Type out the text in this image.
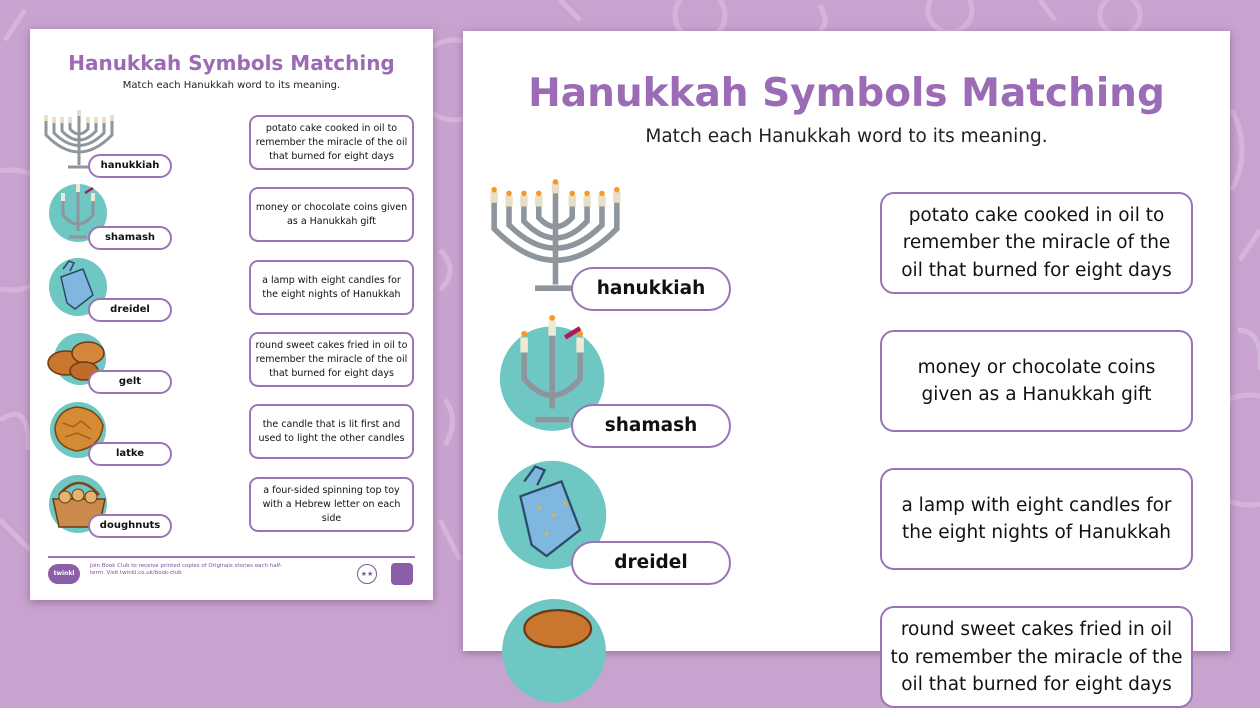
Hanukkah Symbols Matching
Match each Hanukkah word to its meaning.
hanukkiah
shamash
dreidel
gelt
latke
doughnuts
potato cake cooked in oil to remember the miracle of the oil that burned for eight days
money or chocolate coins given as a Hanukkah gift
a lamp with eight candles for the eight nights of Hanukkah
round sweet cakes fried in oil to remember the miracle of the oil that burned for eight days
the candle that is lit first and used to light the other candles
a four-sided spinning top toy with a Hebrew letter on each side
twinkl ORIGINALS
Join Book Club to receive printed copies of Originals stories each half-term. Visit twinkl.co.uk/book-club	★★
Hanukkah Symbols Matching
Match each Hanukkah word to its meaning.
hanukkiah
shamash
dreidel
potato cake cooked in oil to remember the miracle of the oil that burned for eight days
money or chocolate coins given as a Hanukkah gift
a lamp with eight candles for the eight nights of Hanukkah
round sweet cakes fried in oil to remember the miracle of the oil that burned for eight days
